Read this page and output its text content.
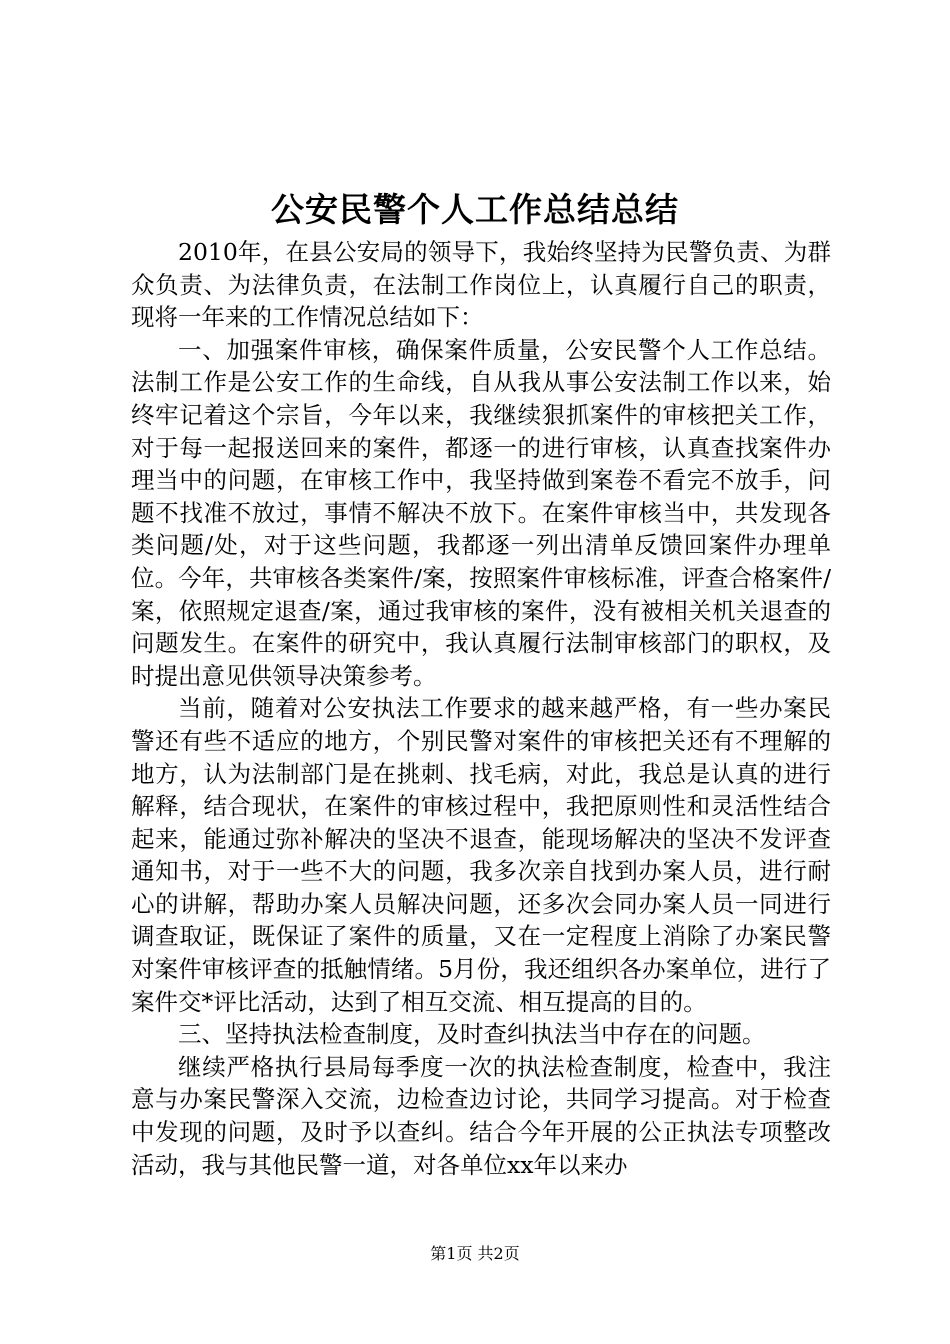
公安民警个人工作总结总结

2010年，在县公安局的领导下，我始终坚持为民警负责、为群众负责、为法律负责，在法制工作岗位上，认真履行自己的职责，现将一年来的工作情况总结如下：

一、加强案件审核，确保案件质量，公安民警个人工作总结。法制工作是公安工作的生命线，自从我从事公安法制工作以来，始终牢记着这个宗旨，今年以来，我继续狠抓案件的审核把关工作，对于每一起报送回来的案件，都逐一的进行审核，认真查找案件办理当中的问题，在审核工作中，我坚持做到案卷不看完不放手，问题不找准不放过，事情不解决不放下。在案件审核当中，共发现各类问题/处，对于这些问题，我都逐一列出清单反馈回案件办理单位。今年，共审核各类案件/案，按照案件审核标准，评查合格案件/案，依照规定退查/案，通过我审核的案件，没有被相关机关退查的问题发生。在案件的研究中，我认真履行法制审核部门的职权，及时提出意见供领导决策参考。

当前，随着对公安执法工作要求的越来越严格，有一些办案民警还有些不适应的地方，个别民警对案件的审核把关还有不理解的地方，认为法制部门是在挑刺、找毛病，对此，我总是认真的进行解释，结合现状，在案件的审核过程中，我把原则性和灵活性结合起来，能通过弥补解决的坚决不退查，能现场解决的坚决不发评查通知书，对于一些不大的问题，我多次亲自找到办案人员，进行耐心的讲解，帮助办案人员解决问题，还多次会同办案人员一同进行调查取证，既保证了案件的质量，又在一定程度上消除了办案民警对案件审核评查的抵触情绪。5月份，我还组织各办案单位，进行了案件交*评比活动，达到了相互交流、相互提高的目的。

三、坚持执法检查制度，及时查纠执法当中存在的问题。

继续严格执行县局每季度一次的执法检查制度，检查中，我注意与办案民警深入交流，边检查边讨论，共同学习提高。对于检查中发现的问题，及时予以查纠。结合今年开展的公正执法专项整改活动，我与其他民警一道，对各单位xx年以来办

第1页 共2页
